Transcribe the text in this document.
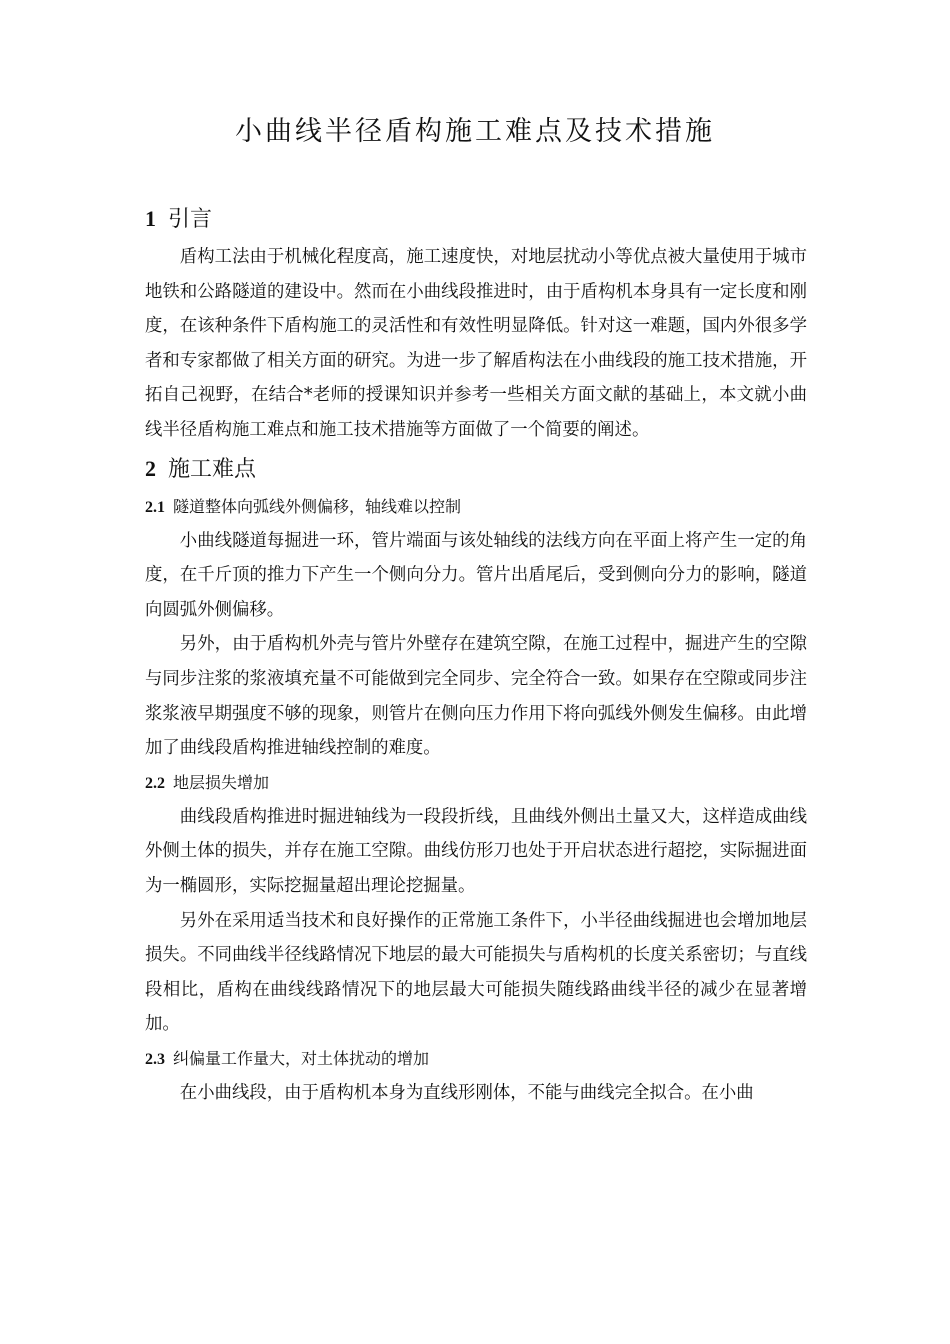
小曲线半径盾构施工难点及技术措施
1 引言

盾构工法由于机械化程度高，施工速度快，对地层扰动小等优点被大量使用于城市地铁和公路隧道的建设中。然而在小曲线段推进时，由于盾构机本身具有一定长度和刚度，在该种条件下盾构施工的灵活性和有效性明显降低。针对这一难题，国内外很多学者和专家都做了相关方面的研究。为进一步了解盾构法在小曲线段的施工技术措施，开拓自己视野，在结合*老师的授课知识并参考一些相关方面文献的基础上，本文就小曲线半径盾构施工难点和施工技术措施等方面做了一个简要的阐述。

2 施工难点
2.1 隧道整体向弧线外侧偏移，轴线难以控制

小曲线隧道每掘进一环，管片端面与该处轴线的法线方向在平面上将产生一定的角度，在千斤顶的推力下产生一个侧向分力。管片出盾尾后，受到侧向分力的影响，隧道向圆弧外侧偏移。

另外，由于盾构机外壳与管片外壁存在建筑空隙，在施工过程中，掘进产生的空隙与同步注浆的浆液填充量不可能做到完全同步、完全符合一致。如果存在空隙或同步注浆浆液早期强度不够的现象，则管片在侧向压力作用下将向弧线外侧发生偏移。由此增加了曲线段盾构推进轴线控制的难度。

2.2 地层损失增加

曲线段盾构推进时掘进轴线为一段段折线，且曲线外侧出土量又大，这样造成曲线外侧土体的损失，并存在施工空隙。曲线仿形刀也处于开启状态进行超挖，实际掘进面为一椭圆形，实际挖掘量超出理论挖掘量。

另外在采用适当技术和良好操作的正常施工条件下，小半径曲线掘进也会增加地层损失。不同曲线半径线路情况下地层的最大可能损失与盾构机的长度关系密切；与直线段相比，盾构在曲线线路情况下的地层最大可能损失随线路曲线半径的减少在显著增加。

2.3 纠偏量工作量大，对土体扰动的增加

在小曲线段，由于盾构机本身为直线形刚体，不能与曲线完全拟合。在小曲
